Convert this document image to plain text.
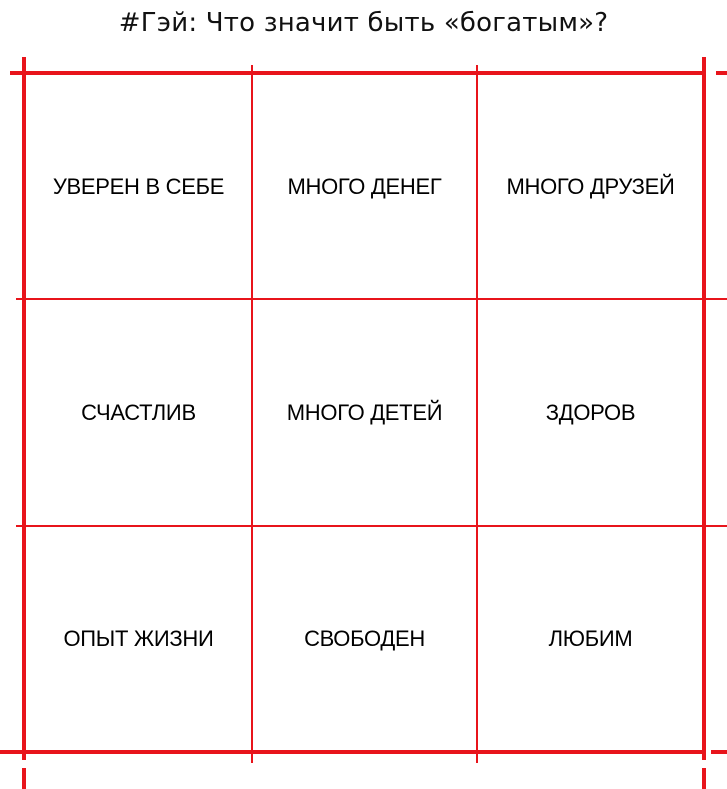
#Гэй: Что значит быть «богатым»?
УВЕРЕН В СЕБЕ	МНОГО ДЕНЕГ	МНОГО ДРУЗЕЙ
СЧАСТЛИВ	МНОГО ДЕТЕЙ	ЗДОРОВ
ОПЫТ ЖИЗНИ	СВОБОДЕН	ЛЮБИМ
